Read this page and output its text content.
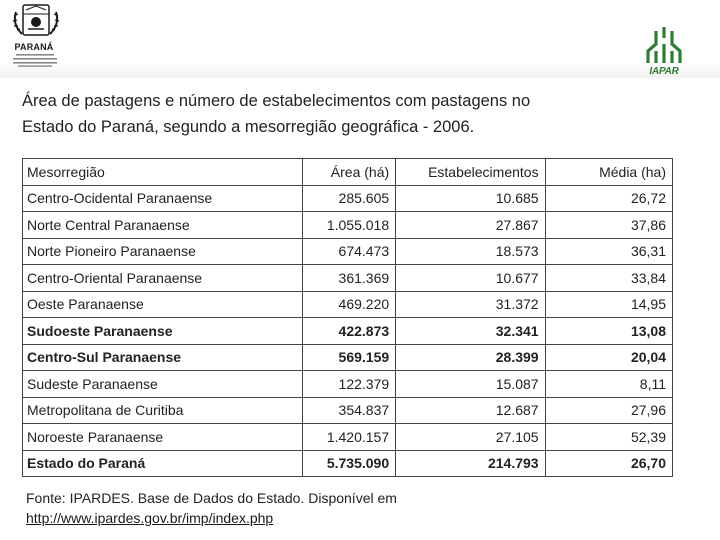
PARANÁ
IAPAR
Área de pastagens e número de estabelecimentos com pastagens no
Estado do Paraná, segundo a mesorregião geográfica - 2006.
Mesorregião	Área (há)	Estabelecimentos	Média (ha)
Centro-Ocidental Paranaense	285.605	10.685	26,72
Norte Central Paranaense	1.055.018	27.867	37,86
Norte Pioneiro Paranaense	674.473	18.573	36,31
Centro-Oriental Paranaense	361.369	10.677	33,84
Oeste Paranaense	469.220	31.372	14,95
Sudoeste Paranaense	422.873	32.341	13,08
Centro-Sul Paranaense	569.159	28.399	20,04
Sudeste Paranaense	122.379	15.087	8,11
Metropolitana de Curitiba	354.837	12.687	27,96
Noroeste Paranaense	1.420.157	27.105	52,39
Estado do Paraná	5.735.090	214.793	26,70
Fonte: IPARDES. Base de Dados do Estado. Disponível em
http://www.ipardes.gov.br/imp/index.php
